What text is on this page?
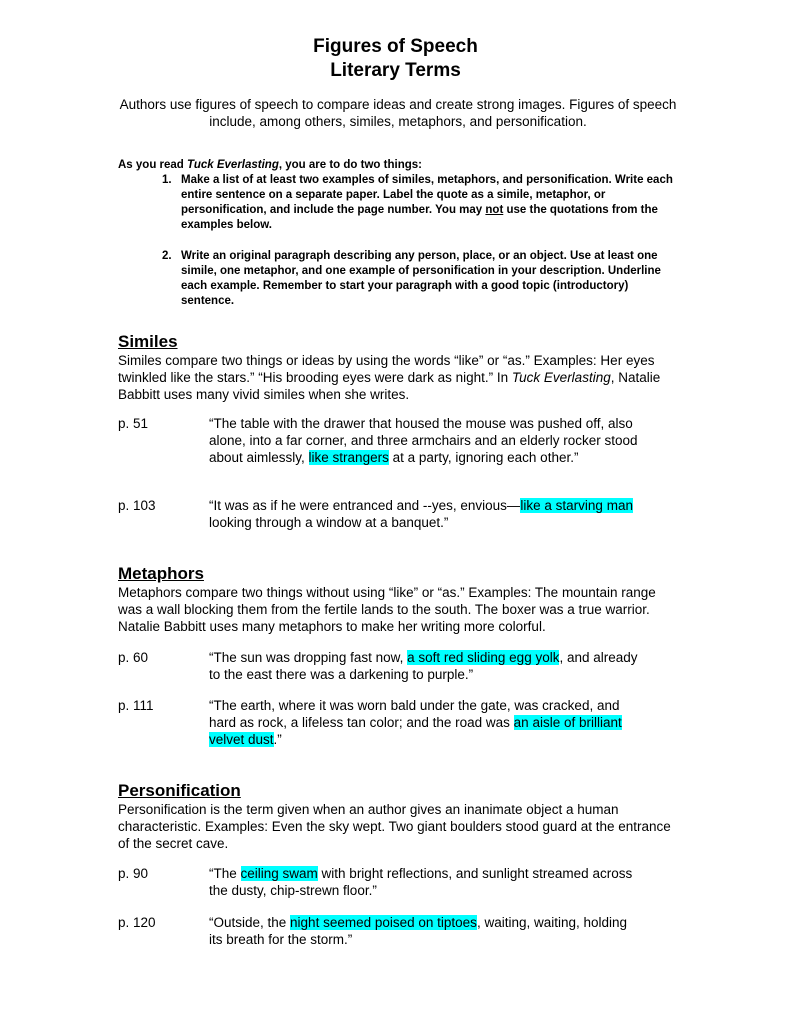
Figures of Speech
Literary Terms
Authors use figures of speech to compare ideas and create strong images. Figures of speech include, among others, similes, metaphors, and personification.

As you read Tuck Everlasting, you are to do two things:

1. Make a list of at least two examples of similes, metaphors, and personification. Write each entire sentence on a separate paper. Label the quote as a simile, metaphor, or personification, and include the page number. You may not use the quotations from the examples below.
2. Write an original paragraph describing any person, place, or an object. Use at least one simile, one metaphor, and one example of personification in your description. Underline each example. Remember to start your paragraph with a good topic (introductory) sentence.
Similes

Similes compare two things or ideas by using the words “like” or “as.” Examples: Her eyes twinkled like the stars.” “His brooding eyes were dark as night.” In Tuck Everlasting, Natalie Babbitt uses many vivid similes when she writes.

p. 51	“The table with the drawer that housed the mouse was pushed off, also alone, into a far corner, and three armchairs and an elderly rocker stood about aimlessly, like strangers at a party, ignoring each other.”
p. 103	“It was as if he were entranced and --yes, envious—like a starving man looking through a window at a banquet.”
Metaphors

Metaphors compare two things without using “like” or “as.” Examples: The mountain range was a wall blocking them from the fertile lands to the south. The boxer was a true warrior. Natalie Babbitt uses many metaphors to make her writing more colorful.

p. 60	“The sun was dropping fast now, a soft red sliding egg yolk, and already to the east there was a darkening to purple.”
p. 111	“The earth, where it was worn bald under the gate, was cracked, and hard as rock, a lifeless tan color; and the road was an aisle of brilliant velvet dust.”
Personification

Personification is the term given when an author gives an inanimate object a human characteristic. Examples: Even the sky wept. Two giant boulders stood guard at the entrance of the secret cave.

p. 90	“The ceiling swam with bright reflections, and sunlight streamed across the dusty, chip-strewn floor.”
p. 120	“Outside, the night seemed poised on tiptoes, waiting, waiting, holding its breath for the storm.”
